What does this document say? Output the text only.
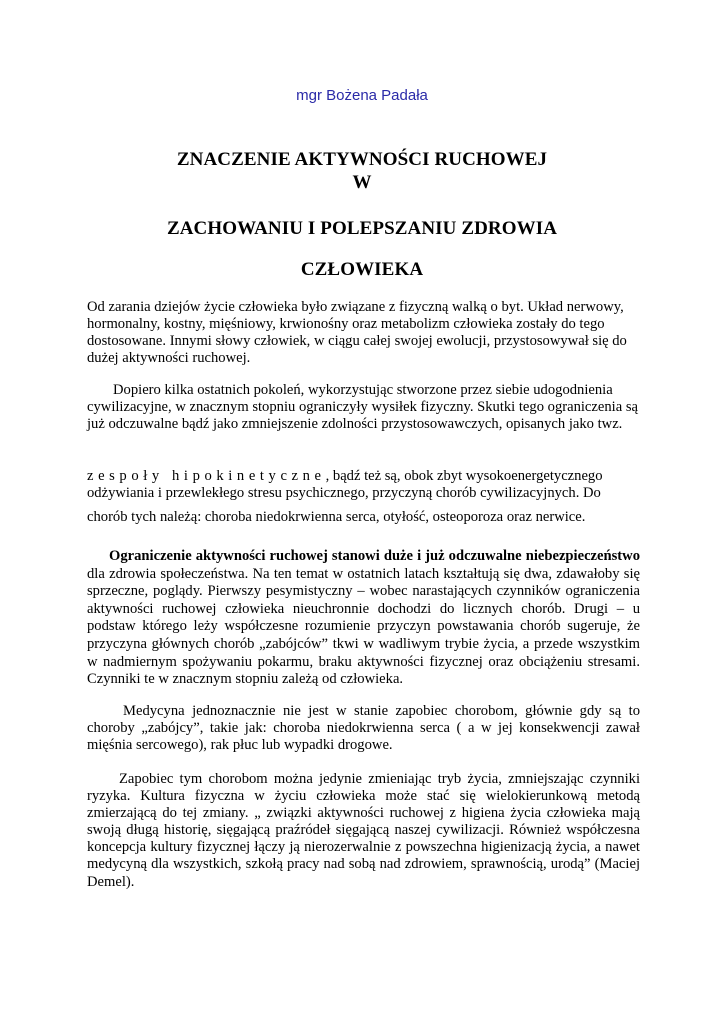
mgr Bożena Padała
ZNACZENIE AKTYWNOŚCI RUCHOWEJ
W
ZACHOWANIU I POLEPSZANIU ZDROWIA
CZŁOWIEKA

Od zarania dziejów życie człowieka było związane z fizyczną walką o byt. Układ nerwowy, hormonalny, kostny, mięśniowy, krwionośny oraz metabolizm człowieka zostały do tego dostosowane. Innymi słowy człowiek, w ciągu całej swojej ewolucji, przystosowywał się do dużej aktywności ruchowej.

Dopiero kilka ostatnich pokoleń, wykorzystując stworzone przez siebie udogodnienia cywilizacyjne, w znacznym stopniu ograniczyły wysiłek fizyczny. Skutki tego ograniczenia są już odczuwalne bądź jako zmniejszenie zdolności przystosowawczych, opisanych jako twz.

zespoły hipokinetyczne, bądź też są, obok zbyt wysokoenergetycznego odżywiania i przewlekłego stresu psychicznego, przyczyną chorób cywilizacyjnych. Do

chorób tych należą: choroba niedokrwienna serca, otyłość, osteoporoza oraz nerwice.

Ograniczenie aktywności ruchowej stanowi duże i już odczuwalne niebezpieczeństwo dla zdrowia społeczeństwa. Na ten temat w ostatnich latach kształtują się dwa, zdawałoby się sprzeczne, poglądy. Pierwszy pesymistyczny – wobec narastających czynników ograniczenia aktywności ruchowej człowieka nieuchronnie dochodzi do licznych chorób. Drugi – u podstaw którego leży współczesne rozumienie przyczyn powstawania chorób sugeruje, że przyczyna głównych chorób „zabójców” tkwi w wadliwym trybie życia, a przede wszystkim w nadmiernym spożywaniu pokarmu, braku aktywności fizycznej oraz obciążeniu stresami. Czynniki te w znacznym stopniu zależą od człowieka.

Medycyna jednoznacznie nie jest w stanie zapobiec chorobom, głównie gdy są to choroby „zabójcy”, takie jak: choroba niedokrwienna serca ( a w jej konsekwencji zawał mięśnia sercowego), rak płuc lub wypadki drogowe.

Zapobiec tym chorobom można jedynie zmieniając tryb życia, zmniejszając czynniki ryzyka. Kultura fizyczna w życiu człowieka może stać się wielokierunkową metodą zmierzającą do tej zmiany. „ związki aktywności ruchowej z higiena życia człowieka mają swoją długą historię, sięgającą praźródeł sięgającą naszej cywilizacji. Również współczesna koncepcja kultury fizycznej łączy ją nierozerwalnie z powszechna higienizacją życia, a nawet medycyną dla wszystkich, szkołą pracy nad sobą nad zdrowiem, sprawnością, urodą” (Maciej Demel).
